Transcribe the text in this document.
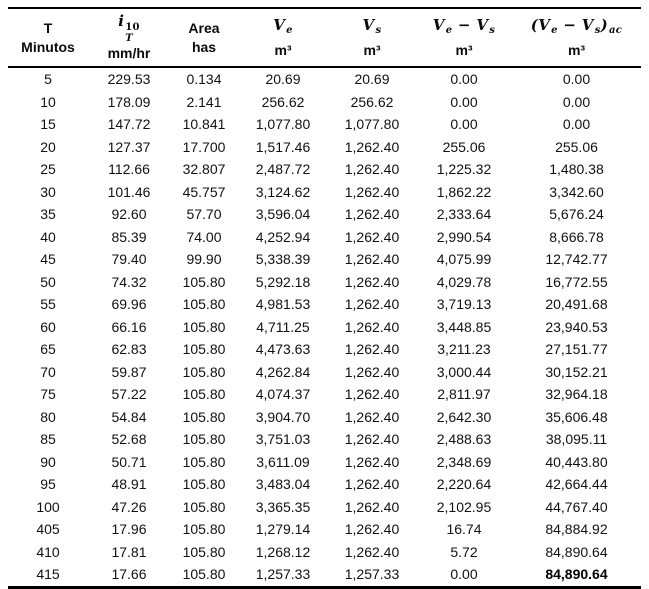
T
Minutos

i 10
T
mm/hr

Area
has

$V_e$
m³

$V_s$
m³

$V_e - V_s$
m³

$(V_e - V_s)_{ac}$
m³

5	229.53	0.134	20.69	20.69	0.00	0.00
10	178.09	2.141	256.62	256.62	0.00	0.00
15	147.72	10.841	1,077.80	1,077.80	0.00	0.00
20	127.37	17.700	1,517.46	1,262.40	255.06	255.06
25	112.66	32.807	2,487.72	1,262.40	1,225.32	1,480.38
30	101.46	45.757	3,124.62	1,262.40	1,862.22	3,342.60
35	92.60	57.70	3,596.04	1,262.40	2,333.64	5,676.24
40	85.39	74.00	4,252.94	1,262.40	2,990.54	8,666.78
45	79.40	99.90	5,338.39	1,262.40	4,075.99	12,742.77
50	74.32	105.80	5,292.18	1,262.40	4,029.78	16,772.55
55	69.96	105.80	4,981.53	1,262.40	3,719.13	20,491.68
60	66.16	105.80	4,711.25	1,262.40	3,448.85	23,940.53
65	62.83	105.80	4,473.63	1,262.40	3,211.23	27,151.77
70	59.87	105.80	4,262.84	1,262.40	3,000.44	30,152.21
75	57.22	105.80	4,074.37	1,262.40	2,811.97	32,964.18
80	54.84	105.80	3,904.70	1,262.40	2,642.30	35,606.48
85	52.68	105.80	3,751.03	1,262.40	2,488.63	38,095.11
90	50.71	105.80	3,611.09	1,262.40	2,348.69	40,443.80
95	48.91	105.80	3,483.04	1,262.40	2,220.64	42,664.44
100	47.26	105.80	3,365.35	1,262.40	2,102.95	44,767.40
405	17.96	105.80	1,279.14	1,262.40	16.74	84,884.92
410	17.81	105.80	1,268.12	1,262.40	5.72	84,890.64
415	17.66	105.80	1,257.33	1,257.33	0.00	84,890.64
